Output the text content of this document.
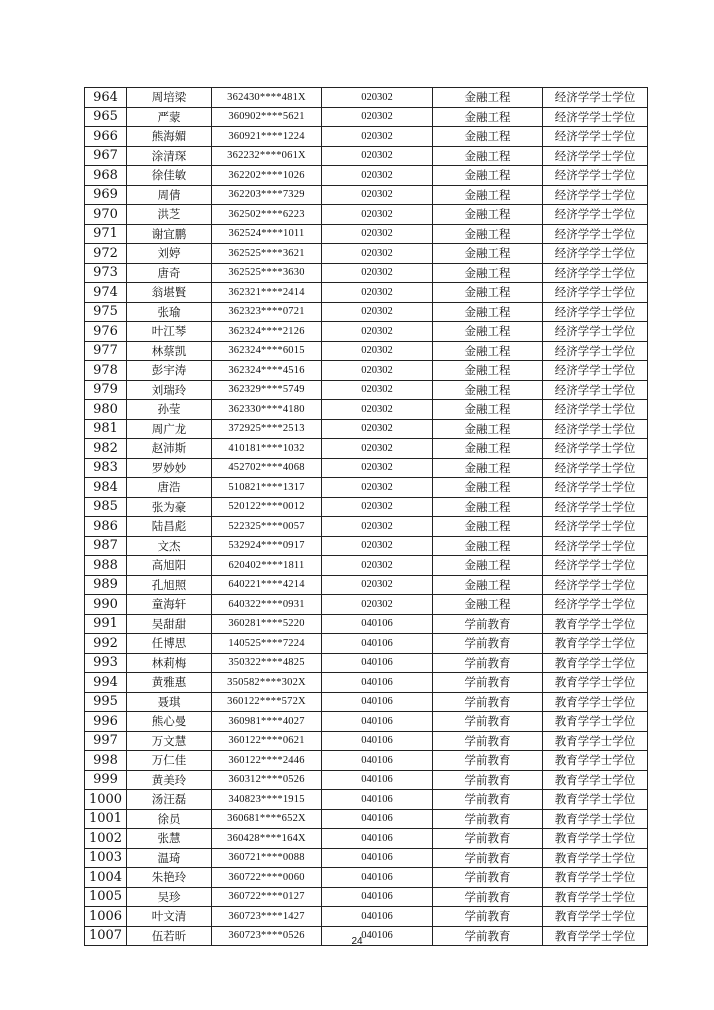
964	周培梁	362430****481X	020302	金融工程	经济学学士学位
965	严蒙	360902****5621	020302	金融工程	经济学学士学位
966	熊海媚	360921****1224	020302	金融工程	经济学学士学位
967	涂清琛	362232****061X	020302	金融工程	经济学学士学位
968	徐佳敏	362202****1026	020302	金融工程	经济学学士学位
969	周倩	362203****7329	020302	金融工程	经济学学士学位
970	洪芝	362502****6223	020302	金融工程	经济学学士学位
971	谢宜鹏	362524****1011	020302	金融工程	经济学学士学位
972	刘婷	362525****3621	020302	金融工程	经济学学士学位
973	唐奇	362525****3630	020302	金融工程	经济学学士学位
974	翁堪賢	362321****2414	020302	金融工程	经济学学士学位
975	张瑜	362323****0721	020302	金融工程	经济学学士学位
976	叶江琴	362324****2126	020302	金融工程	经济学学士学位
977	林蔡凯	362324****6015	020302	金融工程	经济学学士学位
978	彭宇涛	362324****4516	020302	金融工程	经济学学士学位
979	刘瑞玲	362329****5749	020302	金融工程	经济学学士学位
980	孙莹	362330****4180	020302	金融工程	经济学学士学位
981	周广龙	372925****2513	020302	金融工程	经济学学士学位
982	赵沛斯	410181****1032	020302	金融工程	经济学学士学位
983	罗妙妙	452702****4068	020302	金融工程	经济学学士学位
984	唐浩	510821****1317	020302	金融工程	经济学学士学位
985	张为豪	520122****0012	020302	金融工程	经济学学士学位
986	陆昌彪	522325****0057	020302	金融工程	经济学学士学位
987	文杰	532924****0917	020302	金融工程	经济学学士学位
988	高旭阳	620402****1811	020302	金融工程	经济学学士学位
989	孔旭照	640221****4214	020302	金融工程	经济学学士学位
990	童海轩	640322****0931	020302	金融工程	经济学学士学位
991	吴甜甜	360281****5220	040106	学前教育	教育学学士学位
992	任博思	140525****7224	040106	学前教育	教育学学士学位
993	林莉梅	350322****4825	040106	学前教育	教育学学士学位
994	黄雅惠	350582****302X	040106	学前教育	教育学学士学位
995	聂琪	360122****572X	040106	学前教育	教育学学士学位
996	熊心曼	360981****4027	040106	学前教育	教育学学士学位
997	万文慧	360122****0621	040106	学前教育	教育学学士学位
998	万仁佳	360122****2446	040106	学前教育	教育学学士学位
999	黄美玲	360312****0526	040106	学前教育	教育学学士学位
1000	汤汪磊	340823****1915	040106	学前教育	教育学学士学位
1001	徐员	360681****652X	040106	学前教育	教育学学士学位
1002	张慧	360428****164X	040106	学前教育	教育学学士学位
1003	温琦	360721****0088	040106	学前教育	教育学学士学位
1004	朱艳玲	360722****0060	040106	学前教育	教育学学士学位
1005	吴珍	360722****0127	040106	学前教育	教育学学士学位
1006	叶文清	360723****1427	040106	学前教育	教育学学士学位
1007	伍若昕	360723****0526	040106	学前教育	教育学学士学位
24
